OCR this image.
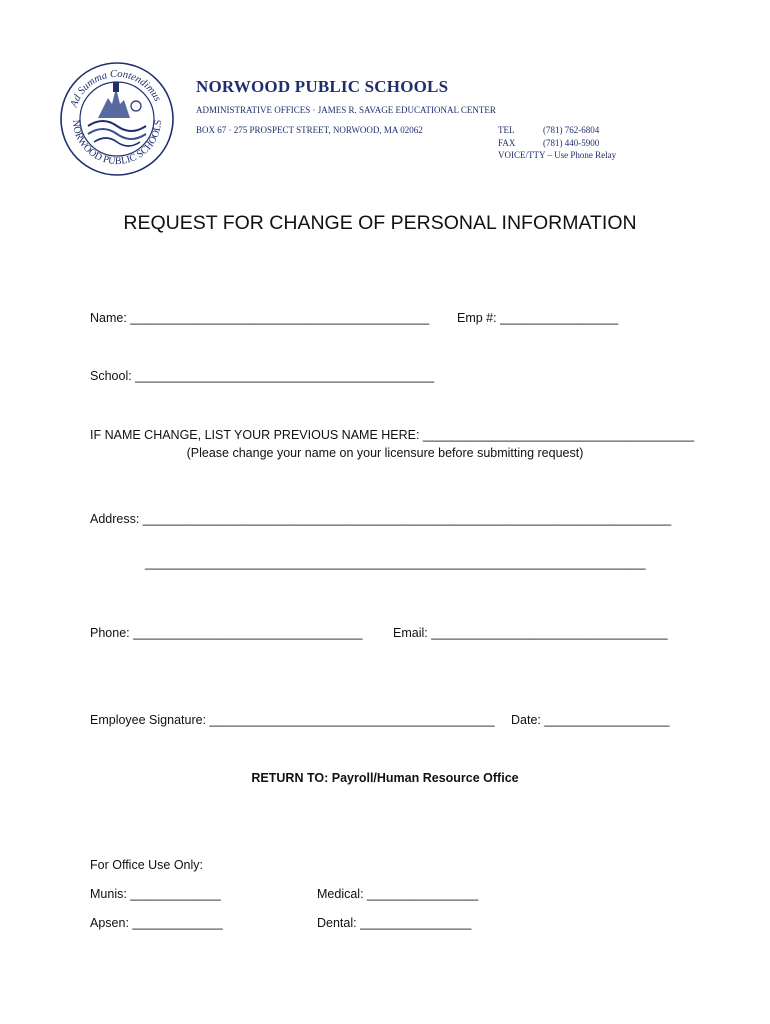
Ad Summa Contendimus
NORWOOD PUBLIC SCHOOLS
NORWOOD PUBLIC SCHOOLS
ADMINISTRATIVE OFFICES · JAMES R. SAVAGE EDUCATIONAL CENTER
BOX 67 · 275 PROSPECT STREET, NORWOOD, MA 02062	TEL	(781) 762-6804
FAX	(781) 440-5900
VOICE/TTY – Use Phone Relay
REQUEST FOR CHANGE OF PERSONAL INFORMATION
Name: ___________________________________________ Emp #: _________________
School: ___________________________________________
IF NAME CHANGE, LIST YOUR PREVIOUS NAME HERE: _______________________________________
(Please change your name on your licensure before submitting request)
Address: ____________________________________________________________________________
________________________________________________________________________
Phone: _________________________________ Email: __________________________________
Employee Signature: _________________________________________ Date: __________________
RETURN TO: Payroll/Human Resource Office
For Office Use Only:
Munis: _____________	Medical: ________________
Apsen: _____________	Dental: ________________
